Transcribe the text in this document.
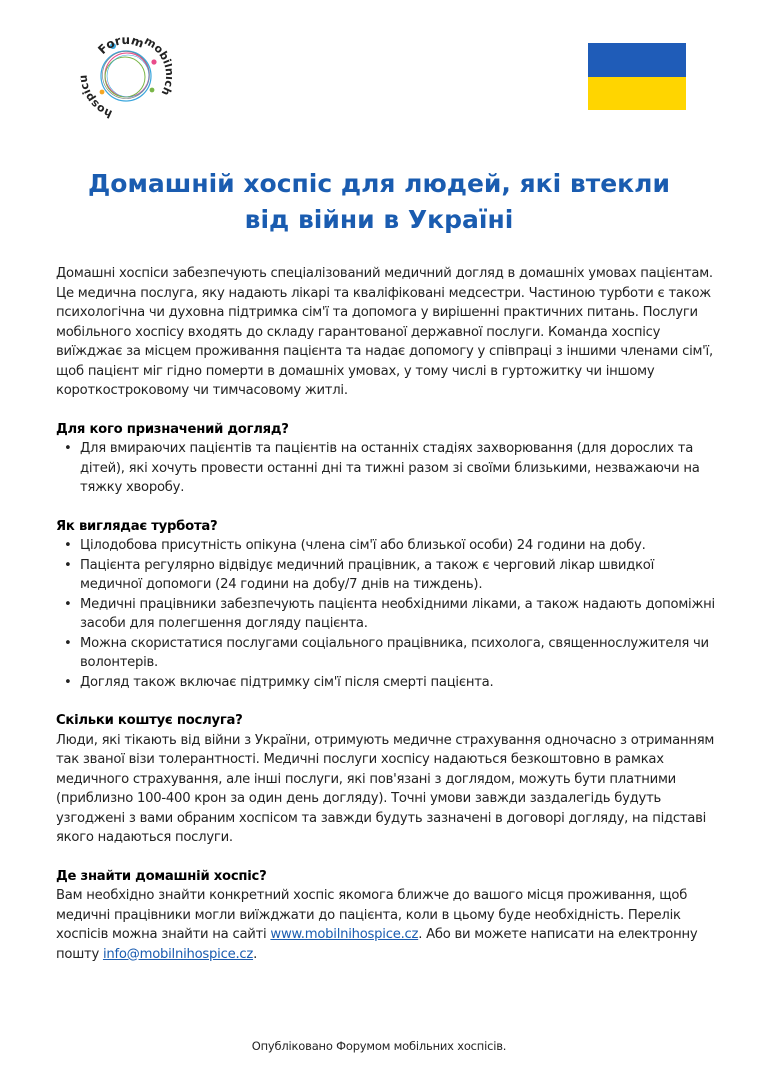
Forum
mob
hospi
Домашній хоспіс для людей, які втекли
від війни в Україні

Домашні хоспіси забезпечують спеціалізований медичний догляд в домашніх умовах пацієнтам. Це медична послуга, яку надають лікарі та кваліфіковані медсестри. Частиною турботи є також психологічна чи духовна підтримка сім'ї та допомога у вирішенні практичних питань. Послуги мобільного хоспісу входять до складу гарантованої державної послуги. Команда хоспісу виїжджає за місцем проживання пацієнта та надає допомогу у співпраці з іншими членами сім'ї, щоб пацієнт міг гідно померти в домашніх умовах, у тому числі в гуртожитку чи іншому короткостроковому чи тимчасовому житлі.

Для кого призначений догляд?
• Для вмираючих пацієнтів та пацієнтів на останніх стадіях захворювання (для дорослих та дітей), які хочуть провести останні дні та тижні разом зі своїми близькими, незважаючи на тяжку хворобу.
Як виглядає турбота?
• Цілодобова присутність опікуна (члена сім'ї або близької особи) 24 години на добу.
• Пацієнта регулярно відвідує медичний працівник, а також є черговий лікар швидкої медичної допомоги (24 години на добу/7 днів на тиждень).
• Медичні працівники забезпечують пацієнта необхідними ліками, а також надають допоміжні засоби для полегшення догляду пацієнта.
• Можна скористатися послугами соціального працівника, психолога, священнослужителя чи волонтерів.
• Догляд також включає підтримку сім'ї після смерті пацієнта.
Скільки коштує послуга?

Люди, які тікають від війни з України, отримують медичне страхування одночасно з отриманням так званої візи толерантності. Медичні послуги хоспісу надаються безкоштовно в рамках медичного страхування, але інші послуги, які пов'язані з доглядом, можуть бути платними (приблизно 100-400 крон за один день догляду). Точні умови завжди заздалегідь будуть узгоджені з вами обраним хоспісом та завжди будуть зазначені в договорі догляду, на підставі якого надаються послуги.

Де знайти домашній хоспіс?

Вам необхідно знайти конкретний хоспіс якомога ближче до вашого місця проживання, щоб медичні працівники могли виїжджати до пацієнта, коли в цьому буде необхідність. Перелік хоспісів можна знайти на сайті www.mobilnihospice.cz. Або ви можете написати на електронну пошту info@mobilnihospice.cz.

Опубліковано Форумом мобільних хоспісів.
